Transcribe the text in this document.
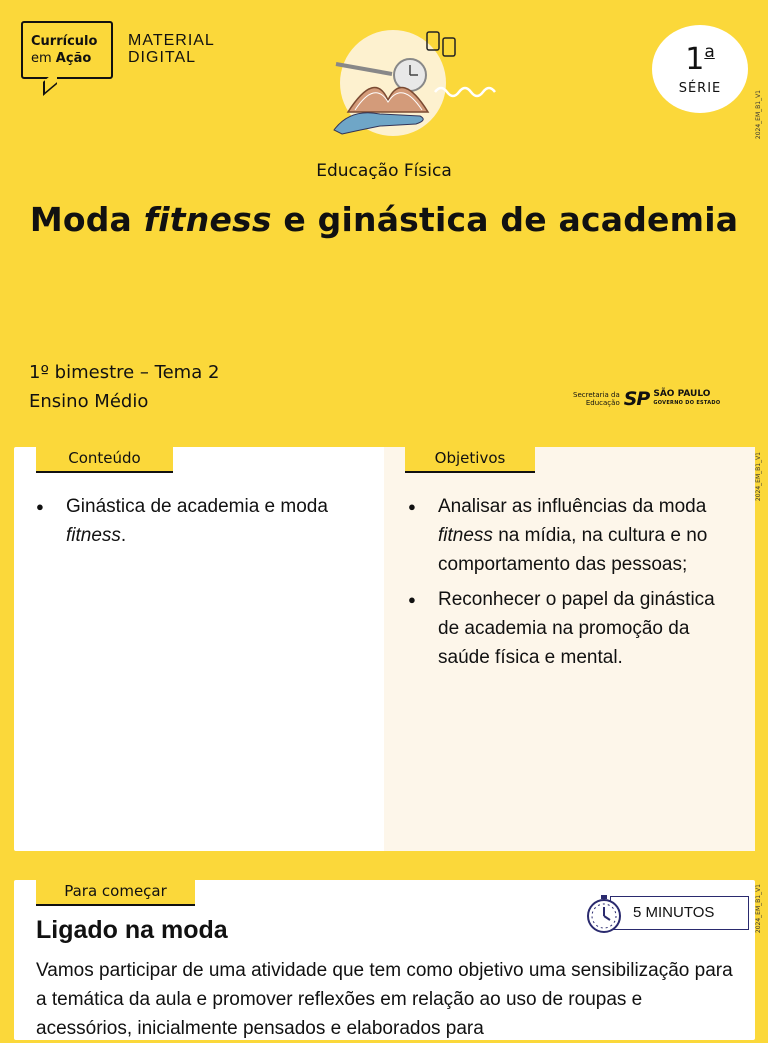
Currículo
em Ação
MATERIAL
DIGITAL	1$^a$
SÉRIE
2024_EM_B1_V1
Educação Física
Moda fitness e ginástica de academia
1º bimestre – Tema 2
Ensino Médio	Secretaria da
Educação SP SÃO PAULO
GOVERNO DO ESTADO
Conteúdo	Objetivos
● Ginástica de academia e moda fitness.
● Analisar as influências da moda fitness na mídia, na cultura e no comportamento das pessoas;
● Reconhecer o papel da ginástica de academia na promoção da saúde física e mental.
2024_EM_B1_V1
Para começar
5 MINUTOS
Ligado na moda

Vamos participar de uma atividade que tem como objetivo uma sensibilização para a temática da aula e promover reflexões em relação ao uso de roupas e acessórios, inicialmente pensados e elaborados para

2024_EM_B1_V1
